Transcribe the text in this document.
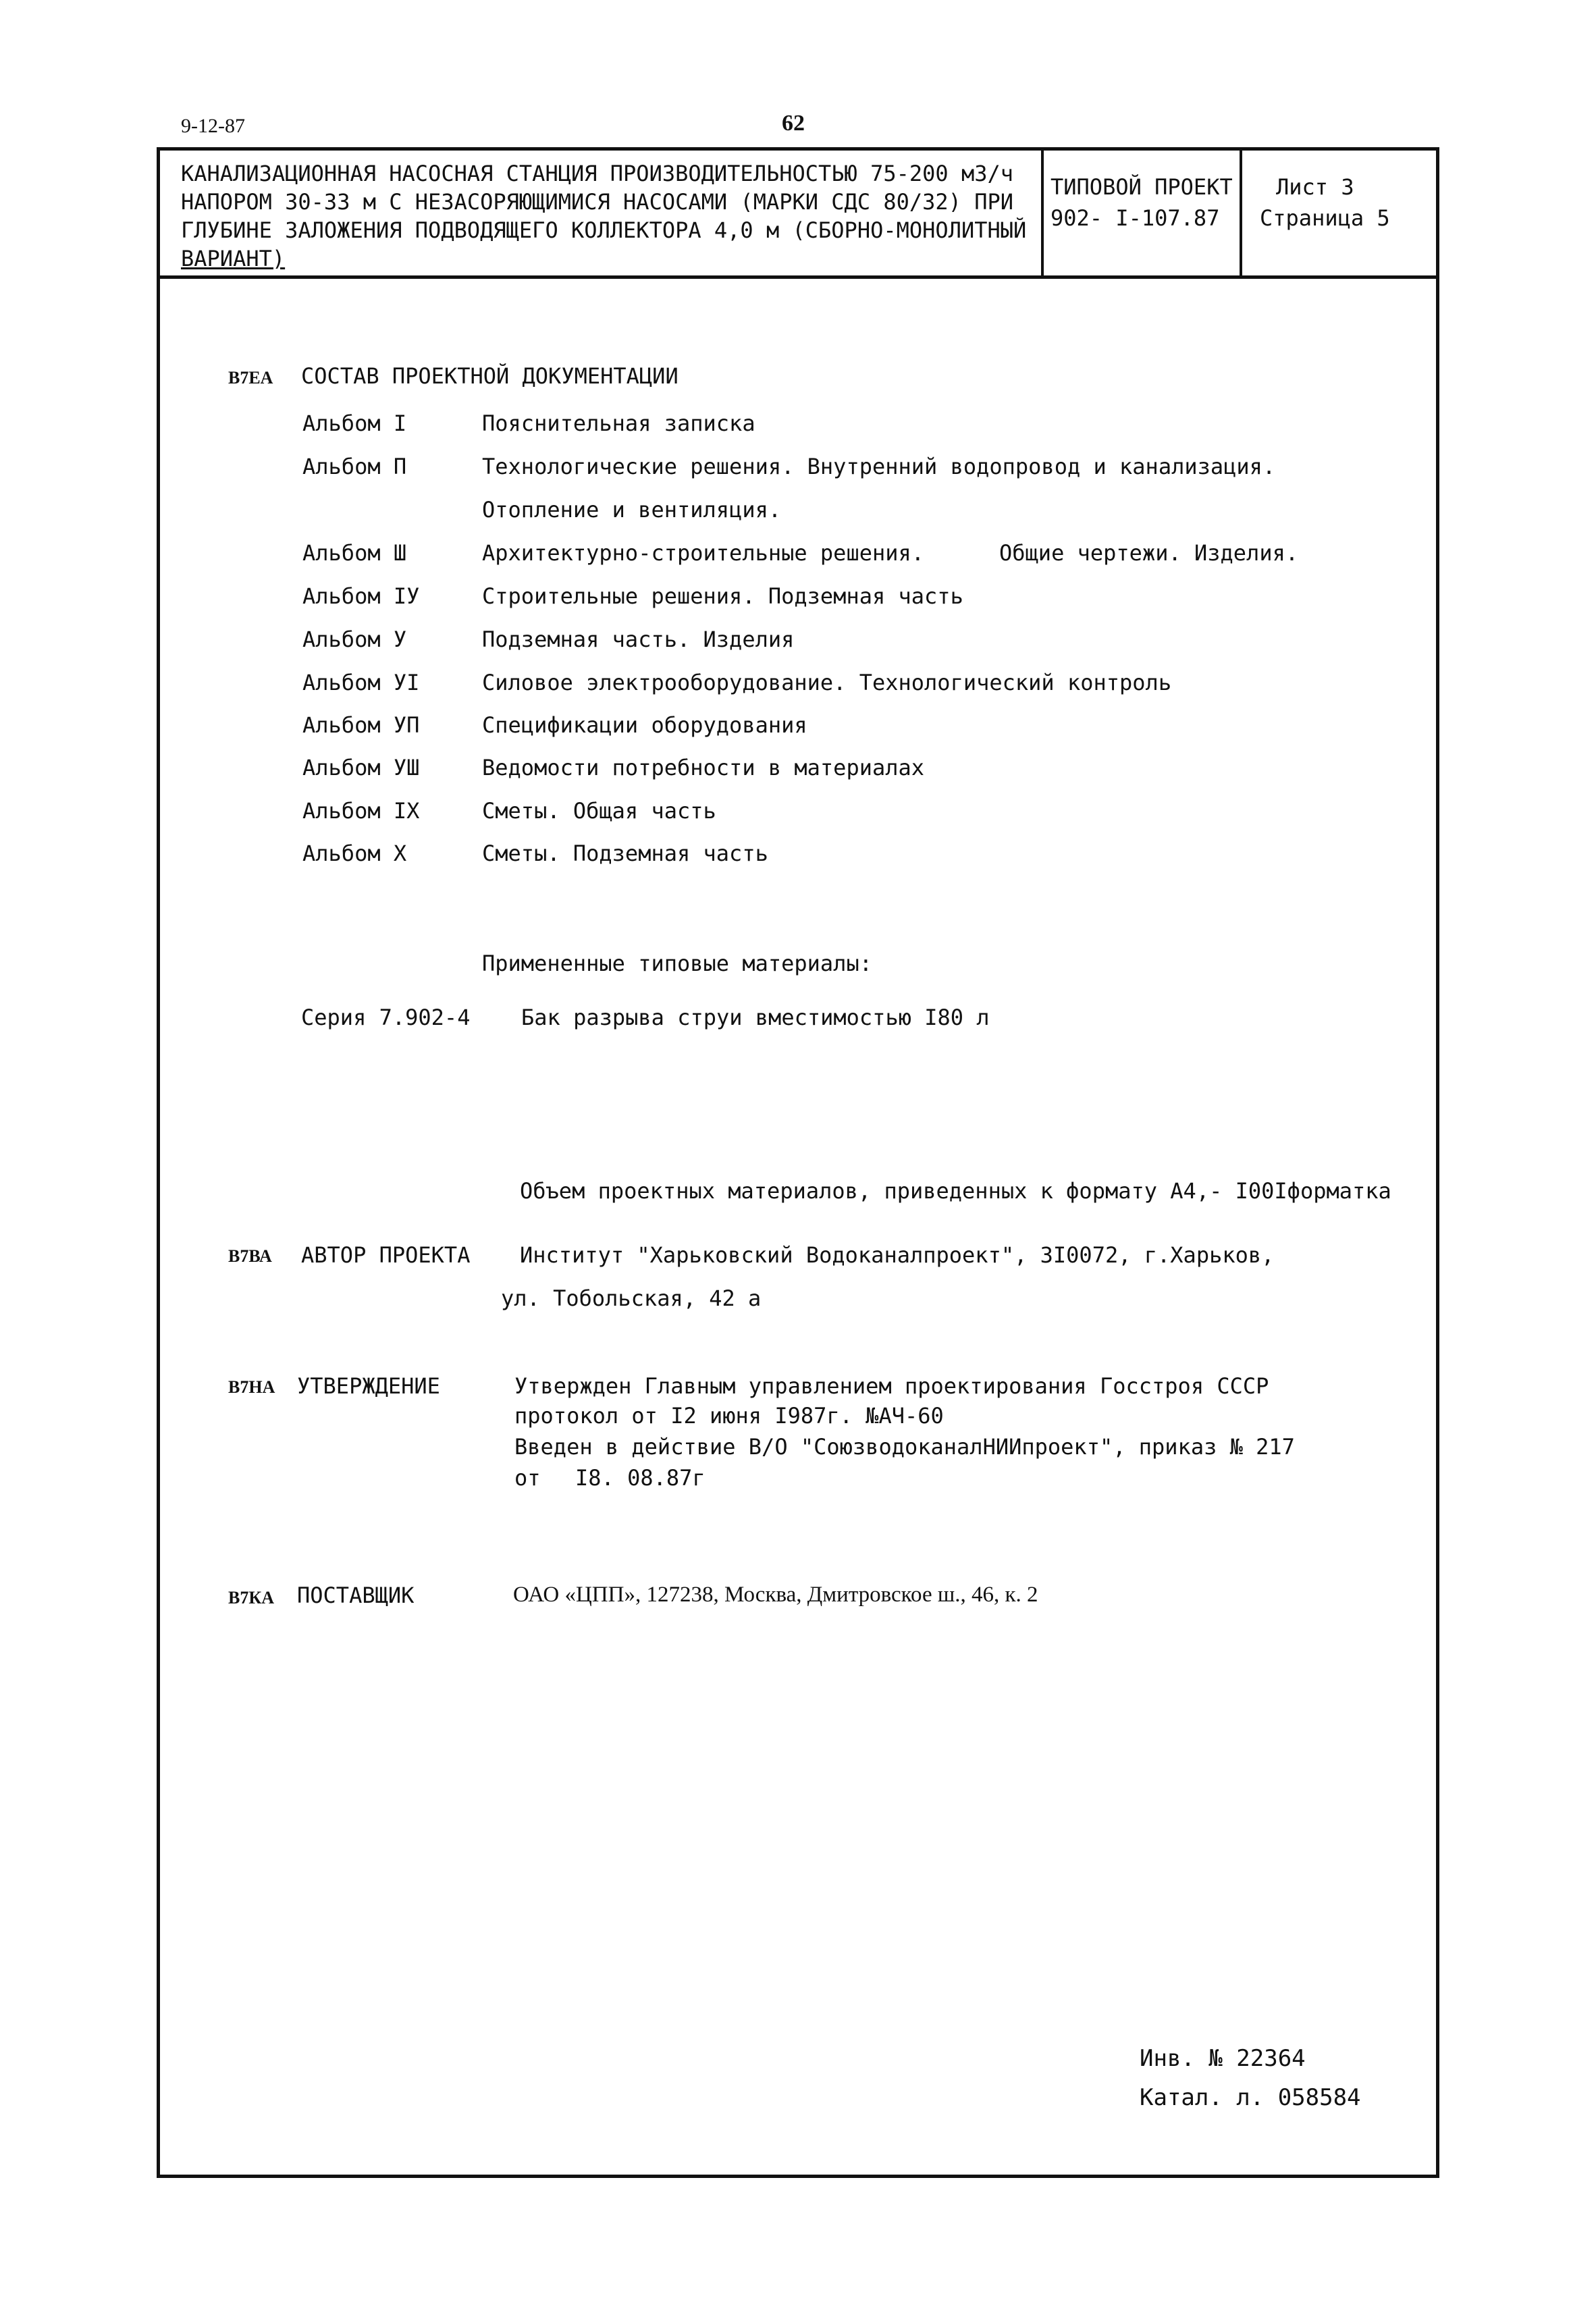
9-12-87	62
КАНАЛИЗАЦИОННАЯ НАСОСНАЯ СТАНЦИЯ ПРОИЗВОДИТЕЛЬНОСТЬЮ 75-200 м3/ч
НАПОРОМ 30-33 м С НЕЗАСОРЯЮЩИМИСЯ НАСОСАМИ (МАРКИ СДС 80/32) ПРИ
ГЛУБИНЕ ЗАЛОЖЕНИЯ ПОДВОДЯЩЕГО КОЛЛЕКТОРА 4,0 м (СБОРНО-МОНОЛИТНЫЙ
ВАРИАНТ)
ТИПОВОЙ ПРОЕКТ
902- I-107.87
Лист 3
Страница 5
В7ЕА СОСТАВ ПРОЕКТНОЙ ДОКУМЕНТАЦИИ
Альбом I	Пояснительная записка
Альбом П	Технологические решения. Внутренний водопровод и канализация.
Отопление и вентиляция.
Альбом Ш	Архитектурно-строительные решения.	Общие чертежи. Изделия.
Альбом IУ	Строительные решения. Подземная часть
Альбом У	Подземная часть. Изделия
Альбом УI	Силовое электрооборудование. Технологический контроль
Альбом УП	Спецификации оборудования
Альбом УШ	Ведомости потребности в материалах
Альбом IX	Сметы. Общая часть
Альбом X	Сметы. Подземная часть
Примененные типовые материалы:
Серия 7.902-4 Бак разрыва струи вместимостью I80 л
Объем проектных материалов, приведенных к формату А4,- I00Iформатка
В7ВА АВТОР ПРОЕКТА Институт "Харьковский Водоканалпроект", 3I0072, г.Харьков,
ул. Тобольская, 42 а
В7НА УТВЕРЖДЕНИЕ	Утвержден Главным управлением проектирования Госстроя СССР
протокол от I2 июня I987г. №АЧ-60
Введен в действие В/О "СоюзводоканалНИИпроект", приказ № 217
от I8. 08.87г
В7КА ПОСТАВЩИК	ОАО «ЦПП», 127238, Москва, Дмитровское ш., 46, к. 2
Инв. № 22364
Катал. л. 058584
